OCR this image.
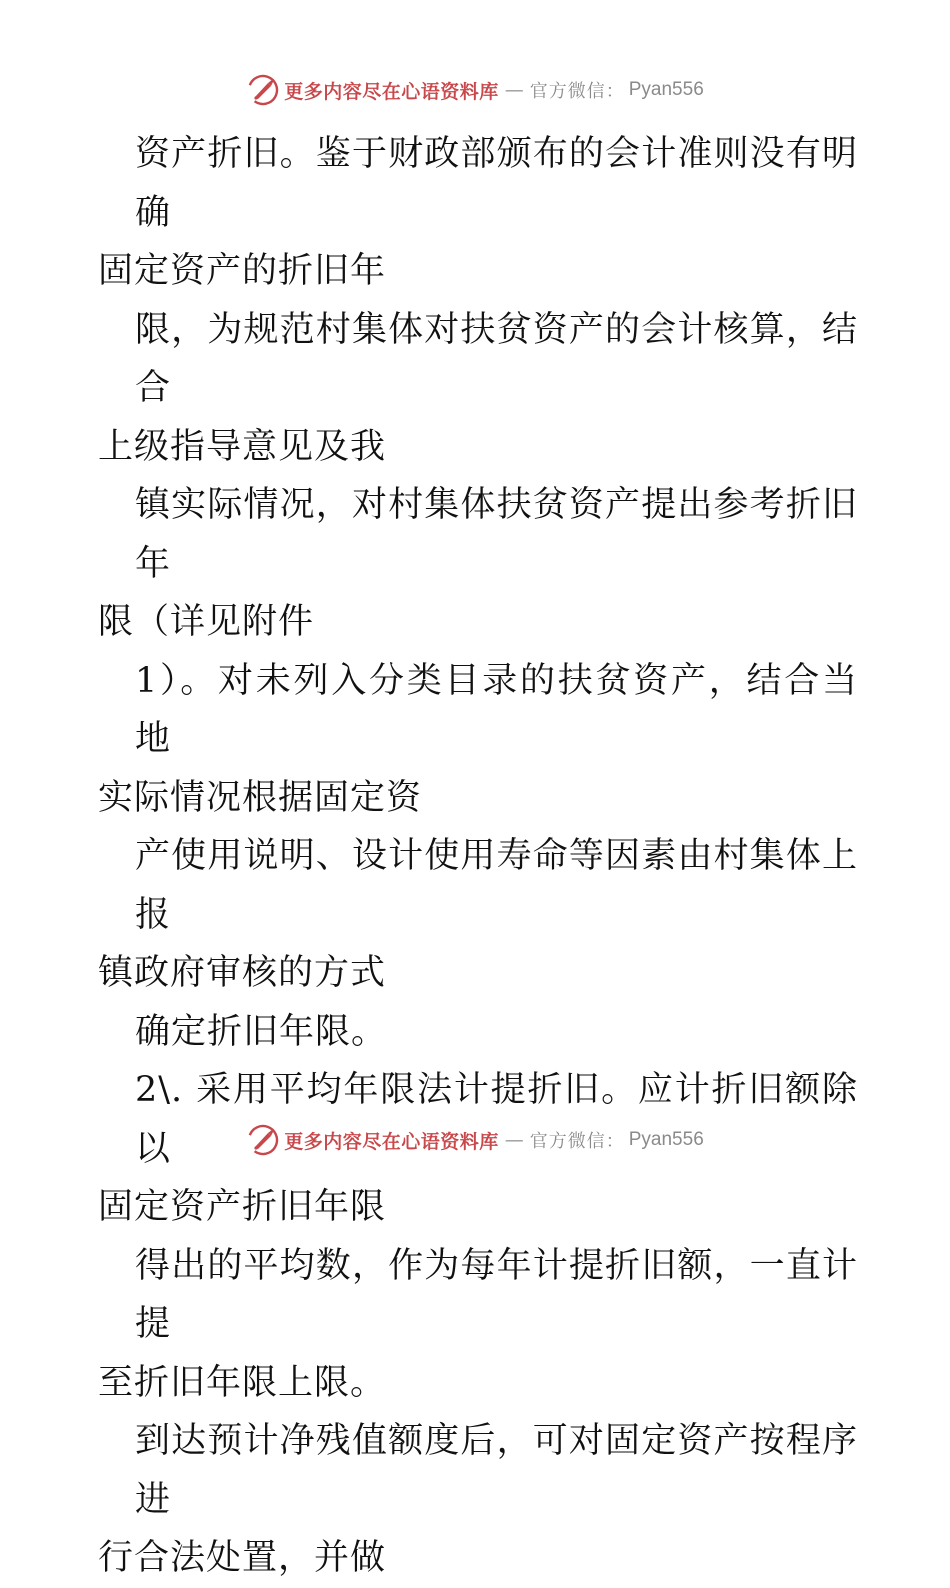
更多内容尽在心语资料库 — 官方微信： Pyan556

资产折旧。鉴于财政部颁布的会计准则没有明确
固定资产的折旧年

限，为规范村集体对扶贫资产的会计核算，结合
上级指导意见及我

镇实际情况，对村集体扶贫资产提出参考折旧年
限（详见附件

1）。对未列入分类目录的扶贫资产，结合当地
实际情况根据固定资

产使用说明、设计使用寿命等因素由村集体上报
镇政府审核的方式

确定折旧年限。

2\. 采用平均年限法计提折旧。应计折旧额除以
固定资产折旧年限

得出的平均数，作为每年计提折旧额，一直计提
至折旧年限上限。

到达预计净残值额度后，可对固定资产按程序进
行合法处置，并做

更多内容尽在心语资料库 — 官方微信： Pyan556
